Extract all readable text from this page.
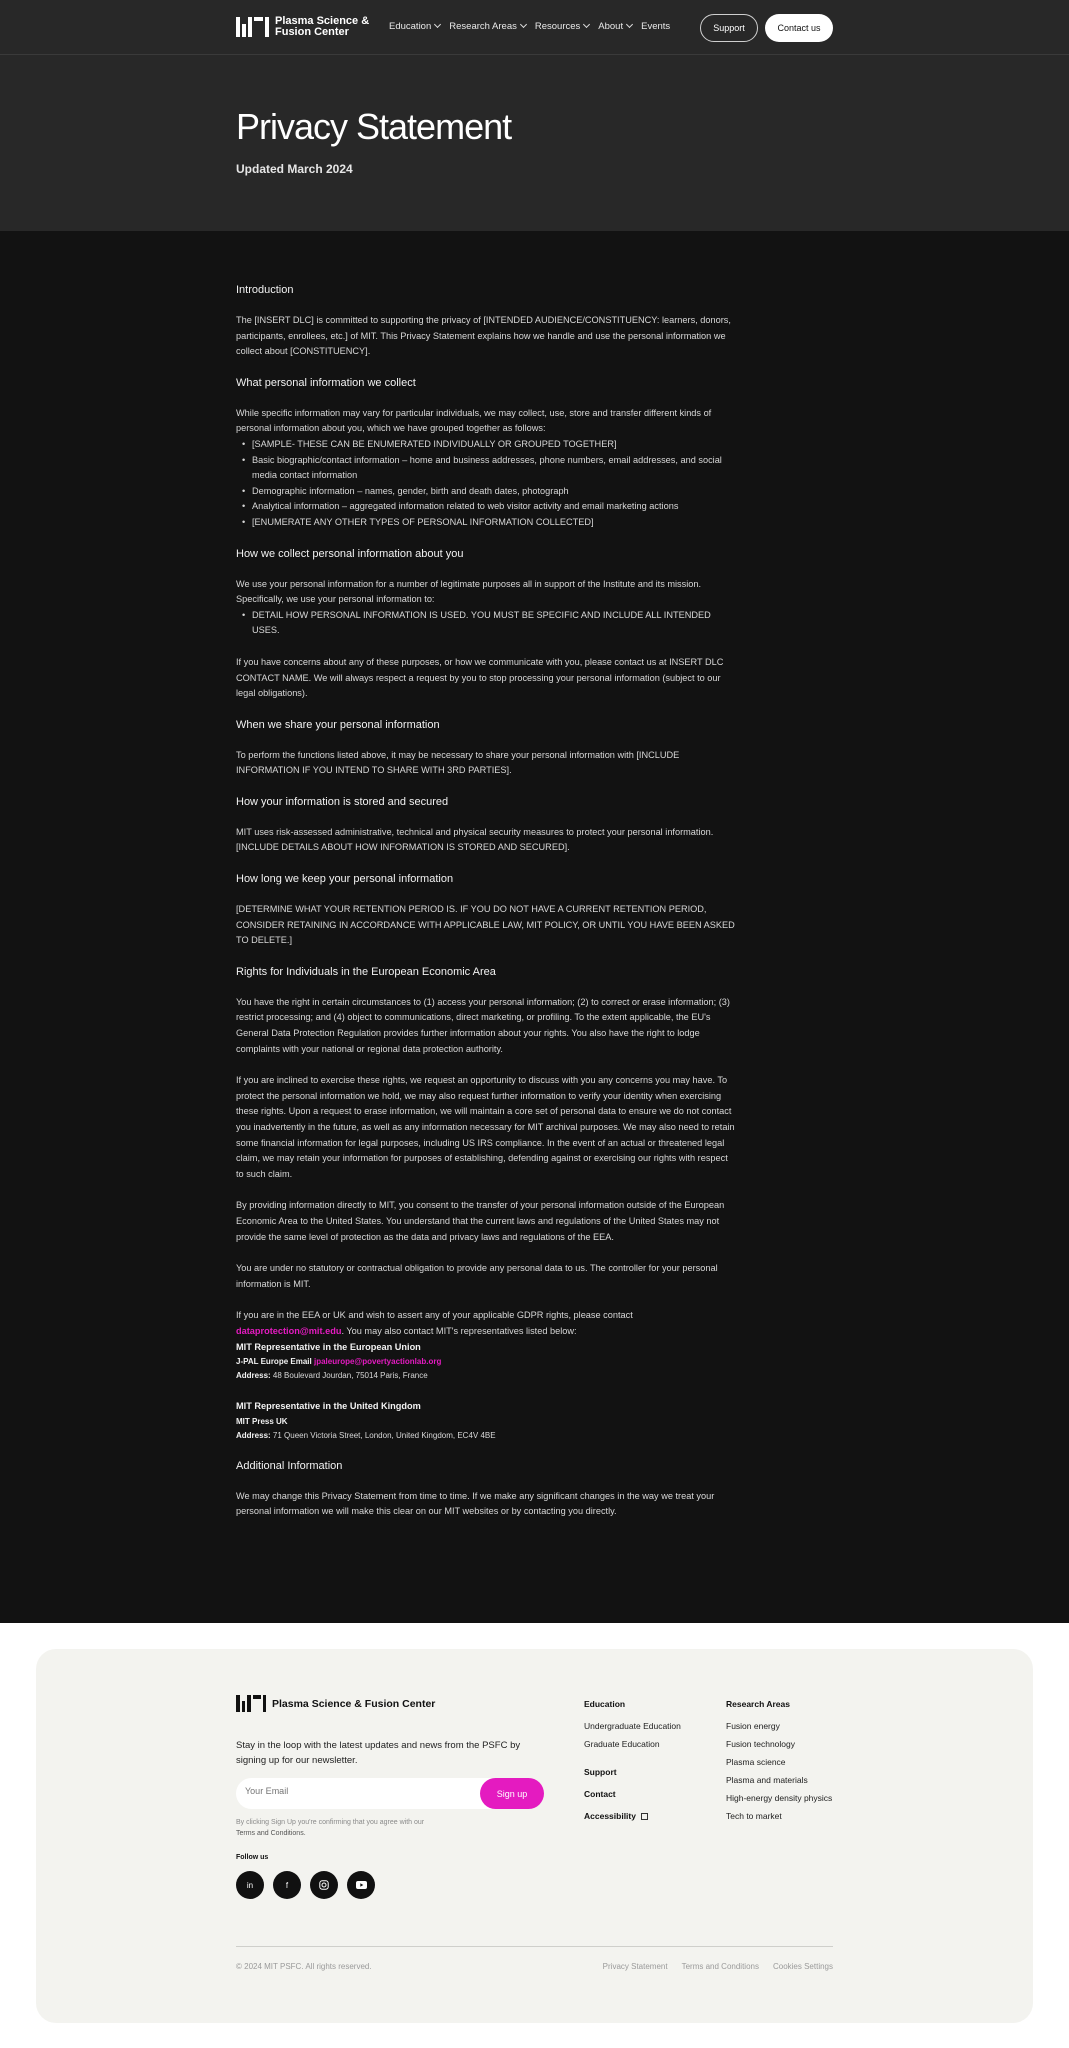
Plasma Science & Fusion Center	Education	Research Areas	Resources	About	Events	Support	Contact us
Privacy Statement
Updated March 2024
Introduction

The [INSERT DLC] is committed to supporting the privacy of [INTENDED AUDIENCE/CONSTITUENCY: learners, donors, participants, enrollees, etc.] of MIT. This Privacy Statement explains how we handle and use the personal information we collect about [CONSTITUENCY].

What personal information we collect

While specific information may vary for particular individuals, we may collect, use, store and transfer different kinds of personal information about you, which we have grouped together as follows:

• [SAMPLE- THESE CAN BE ENUMERATED INDIVIDUALLY OR GROUPED TOGETHER]
• Basic biographic/contact information – home and business addresses, phone numbers, email addresses, and social media contact information
• Demographic information – names, gender, birth and death dates, photograph
• Analytical information – aggregated information related to web visitor activity and email marketing actions
• [ENUMERATE ANY OTHER TYPES OF PERSONAL INFORMATION COLLECTED]
How we collect personal information about you

We use your personal information for a number of legitimate purposes all in support of the Institute and its mission. Specifically, we use your personal information to:

• DETAIL HOW PERSONAL INFORMATION IS USED. YOU MUST BE SPECIFIC AND INCLUDE ALL INTENDED USES.

If you have concerns about any of these purposes, or how we communicate with you, please contact us at INSERT DLC CONTACT NAME. We will always respect a request by you to stop processing your personal information (subject to our legal obligations).

When we share your personal information

To perform the functions listed above, it may be necessary to share your personal information with [INCLUDE INFORMATION IF YOU INTEND TO SHARE WITH 3RD PARTIES].

How your information is stored and secured

MIT uses risk-assessed administrative, technical and physical security measures to protect your personal information. [INCLUDE DETAILS ABOUT HOW INFORMATION IS STORED AND SECURED].

How long we keep your personal information

[DETERMINE WHAT YOUR RETENTION PERIOD IS. IF YOU DO NOT HAVE A CURRENT RETENTION PERIOD, CONSIDER RETAINING IN ACCORDANCE WITH APPLICABLE LAW, MIT POLICY, OR UNTIL YOU HAVE BEEN ASKED TO DELETE.]

Rights for Individuals in the European Economic Area

You have the right in certain circumstances to (1) access your personal information; (2) to correct or erase information; (3) restrict processing; and (4) object to communications, direct marketing, or profiling. To the extent applicable, the EU's General Data Protection Regulation provides further information about your rights. You also have the right to lodge complaints with your national or regional data protection authority.

If you are inclined to exercise these rights, we request an opportunity to discuss with you any concerns you may have. To protect the personal information we hold, we may also request further information to verify your identity when exercising these rights. Upon a request to erase information, we will maintain a core set of personal data to ensure we do not contact you inadvertently in the future, as well as any information necessary for MIT archival purposes. We may also need to retain some financial information for legal purposes, including US IRS compliance. In the event of an actual or threatened legal claim, we may retain your information for purposes of establishing, defending against or exercising our rights with respect to such claim.

By providing information directly to MIT, you consent to the transfer of your personal information outside of the European Economic Area to the United States. You understand that the current laws and regulations of the United States may not provide the same level of protection as the data and privacy laws and regulations of the EEA.

You are under no statutory or contractual obligation to provide any personal data to us. The controller for your personal information is MIT.

If you are in the EEA or UK and wish to assert any of your applicable GDPR rights, please contact
dataprotection@mit.edu. You may also contact MIT's representatives listed below:
MIT Representative in the European Union
J-PAL Europe Email jpaleurope@povertyactionlab.org
Address: 48 Boulevard Jourdan, 75014 Paris, France
MIT Representative in the United Kingdom
MIT Press UK
Address: 71 Queen Victoria Street, London, United Kingdom, EC4V 4BE
Additional Information

We may change this Privacy Statement from time to time. If we make any significant changes in the way we treat your personal information we will make this clear on our MIT websites or by contacting you directly.

Plasma Science & Fusion Center
Stay in the loop with the latest updates and news from the PSFC by signing up for our newsletter.
Your Email
Sign up
By clicking Sign Up you're confirming that you agree with our
Terms and Conditions.
Follow us
in	f
Education
Undergraduate Education
Graduate Education
Support
Contact
Accessibility
Research Areas
Fusion energy
Fusion technology
Plasma science
Plasma and materials
High-energy density physics
Tech to market
© 2024 MIT PSFC. All rights reserved.	Privacy Statement Terms and Conditions Cookies Settings
